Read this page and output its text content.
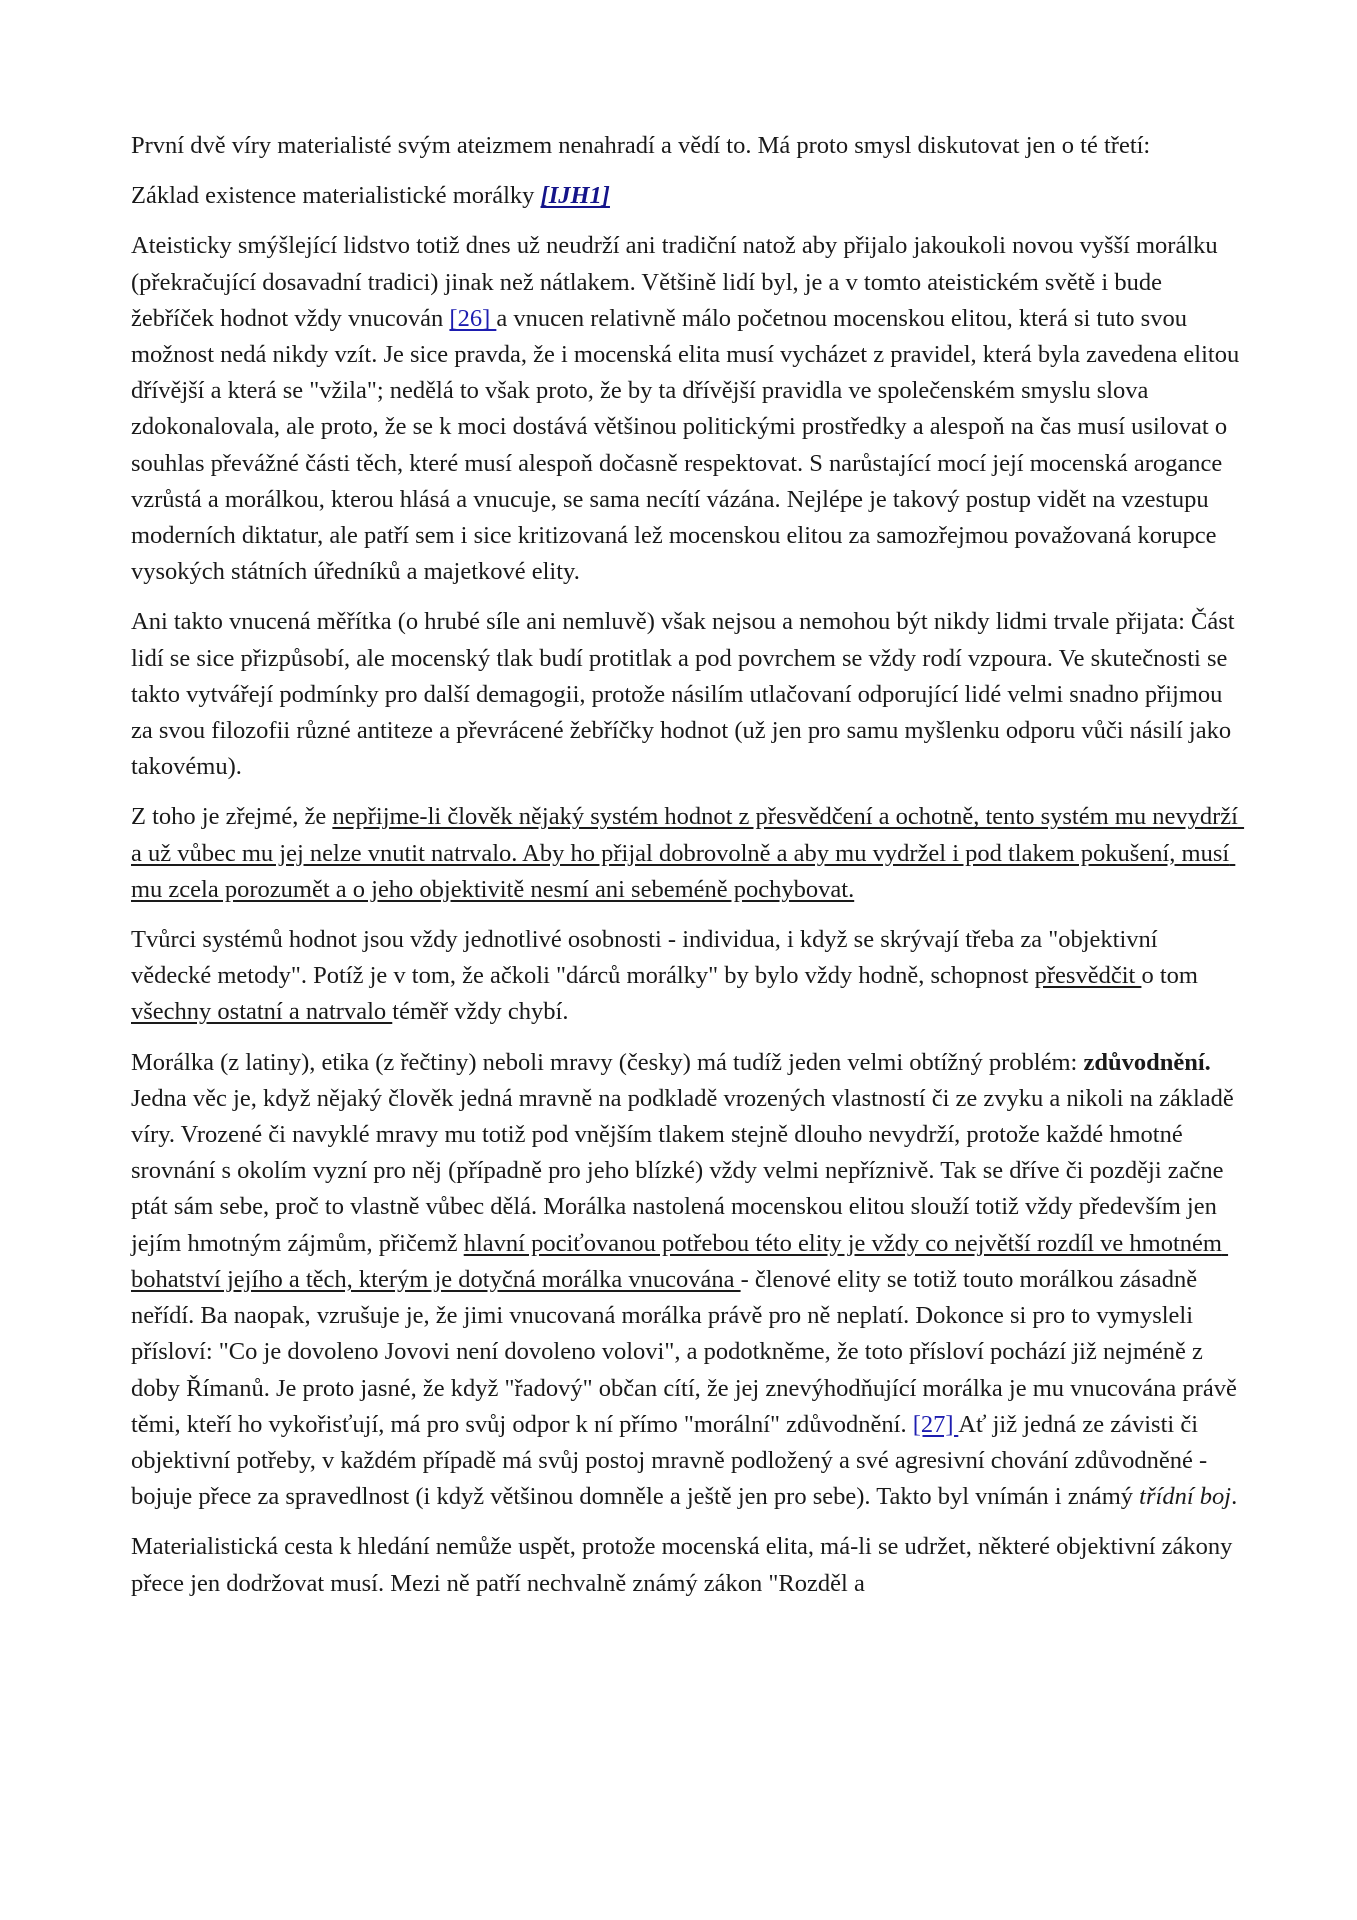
První dvě víry materialisté svým ateizmem nenahradí a vědí to. Má proto smysl diskutovat jen o té třetí:

Základ existence materialistické morálky [IJH1]

Ateisticky smýšlející lidstvo totiž dnes už neudrží ani tradiční natož aby přijalo jakoukoli novou vyšší morálku (překračující dosavadní tradici) jinak než nátlakem. Většině lidí byl, je a v tomto ateistickém světě i bude žebříček hodnot vždy vnucován [26] a vnucen relativně málo početnou mocenskou elitou, která si tuto svou možnost nedá nikdy vzít. Je sice pravda, že i mocenská elita musí vycházet z pravidel, která byla zavedena elitou dřívější a která se "vžila"; nedělá to však proto, že by ta dřívější pravidla ve společenském smyslu slova zdokonalovala, ale proto, že se k moci dostává většinou politickými prostředky a alespoň na čas musí usilovat o souhlas převážné části těch, které musí alespoň dočasně respektovat. S narůstající mocí její mocenská arogance vzrůstá a morálkou, kterou hlásá a vnucuje, se sama necítí vázána. Nejlépe je takový postup vidět na vzestupu moderních diktatur, ale patří sem i sice kritizovaná lež mocenskou elitou za samozřejmou považovaná korupce vysokých státních úředníků a majetkové elity.

Ani takto vnucená měřítka (o hrubé síle ani nemluvě) však nejsou a nemohou být nikdy lidmi trvale přijata: Část lidí se sice přizpůsobí, ale mocenský tlak budí protitlak a pod povrchem se vždy rodí vzpoura. Ve skutečnosti se takto vytvářejí podmínky pro další demagogii, protože násilím utlačovaní odporující lidé velmi snadno přijmou za svou filozofii různé antiteze a převrácené žebříčky hodnot (už jen pro samu myšlenku odporu vůči násilí jako takovému).

Z toho je zřejmé, že nepřijme-li člověk nějaký systém hodnot z přesvědčení a ochotně, tento systém mu nevydrží a už vůbec mu jej nelze vnutit natrvalo. Aby ho přijal dobrovolně a aby mu vydržel i pod tlakem pokušení, musí mu zcela porozumět a o jeho objektivitě nesmí ani sebeméně pochybovat.

Tvůrci systémů hodnot jsou vždy jednotlivé osobnosti - individua, i když se skrývají třeba za "objektivní vědecké metody". Potíž je v tom, že ačkoli "dárců morálky" by bylo vždy hodně, schopnost přesvědčit o tom všechny ostatní a natrvalo téměř vždy chybí.

Morálka (z latiny), etika (z řečtiny) neboli mravy (česky) má tudíž jeden velmi obtížný problém: zdůvodnění. Jedna věc je, když nějaký člověk jedná mravně na podkladě vrozených vlastností či ze zvyku a nikoli na základě víry. Vrozené či navyklé mravy mu totiž pod vnějším tlakem stejně dlouho nevydrží, protože každé hmotné srovnání s okolím vyzní pro něj (případně pro jeho blízké) vždy velmi nepříznivě. Tak se dříve či později začne ptát sám sebe, proč to vlastně vůbec dělá. Morálka nastolená mocenskou elitou slouží totiž vždy především jen jejím hmotným zájmům, přičemž hlavní pociťovanou potřebou této elity je vždy co největší rozdíl ve hmotném bohatství jejího a těch, kterým je dotyčná morálka vnucována - členové elity se totiž touto morálkou zásadně neřídí. Ba naopak, vzrušuje je, že jimi vnucovaná morálka právě pro ně neplatí. Dokonce si pro to vymysleli přísloví: "Co je dovoleno Jovovi není dovoleno volovi", a podotkněme, že toto přísloví pochází již nejméně z doby Římanů. Je proto jasné, že když "řadový" občan cítí, že jej znevýhodňující morálka je mu vnucována právě těmi, kteří ho vykořisťují, má pro svůj odpor k ní přímo "morální" zdůvodnění. [27] Ať již jedná ze závisti či objektivní potřeby, v každém případě má svůj postoj mravně podložený a své agresivní chování zdůvodněné - bojuje přece za spravedlnost (i když většinou domněle a ještě jen pro sebe). Takto byl vnímán i známý třídní boj.

Materialistická cesta k hledání nemůže uspět, protože mocenská elita, má-li se udržet, některé objektivní zákony přece jen dodržovat musí. Mezi ně patří nechvalně známý zákon "Rozděl a
